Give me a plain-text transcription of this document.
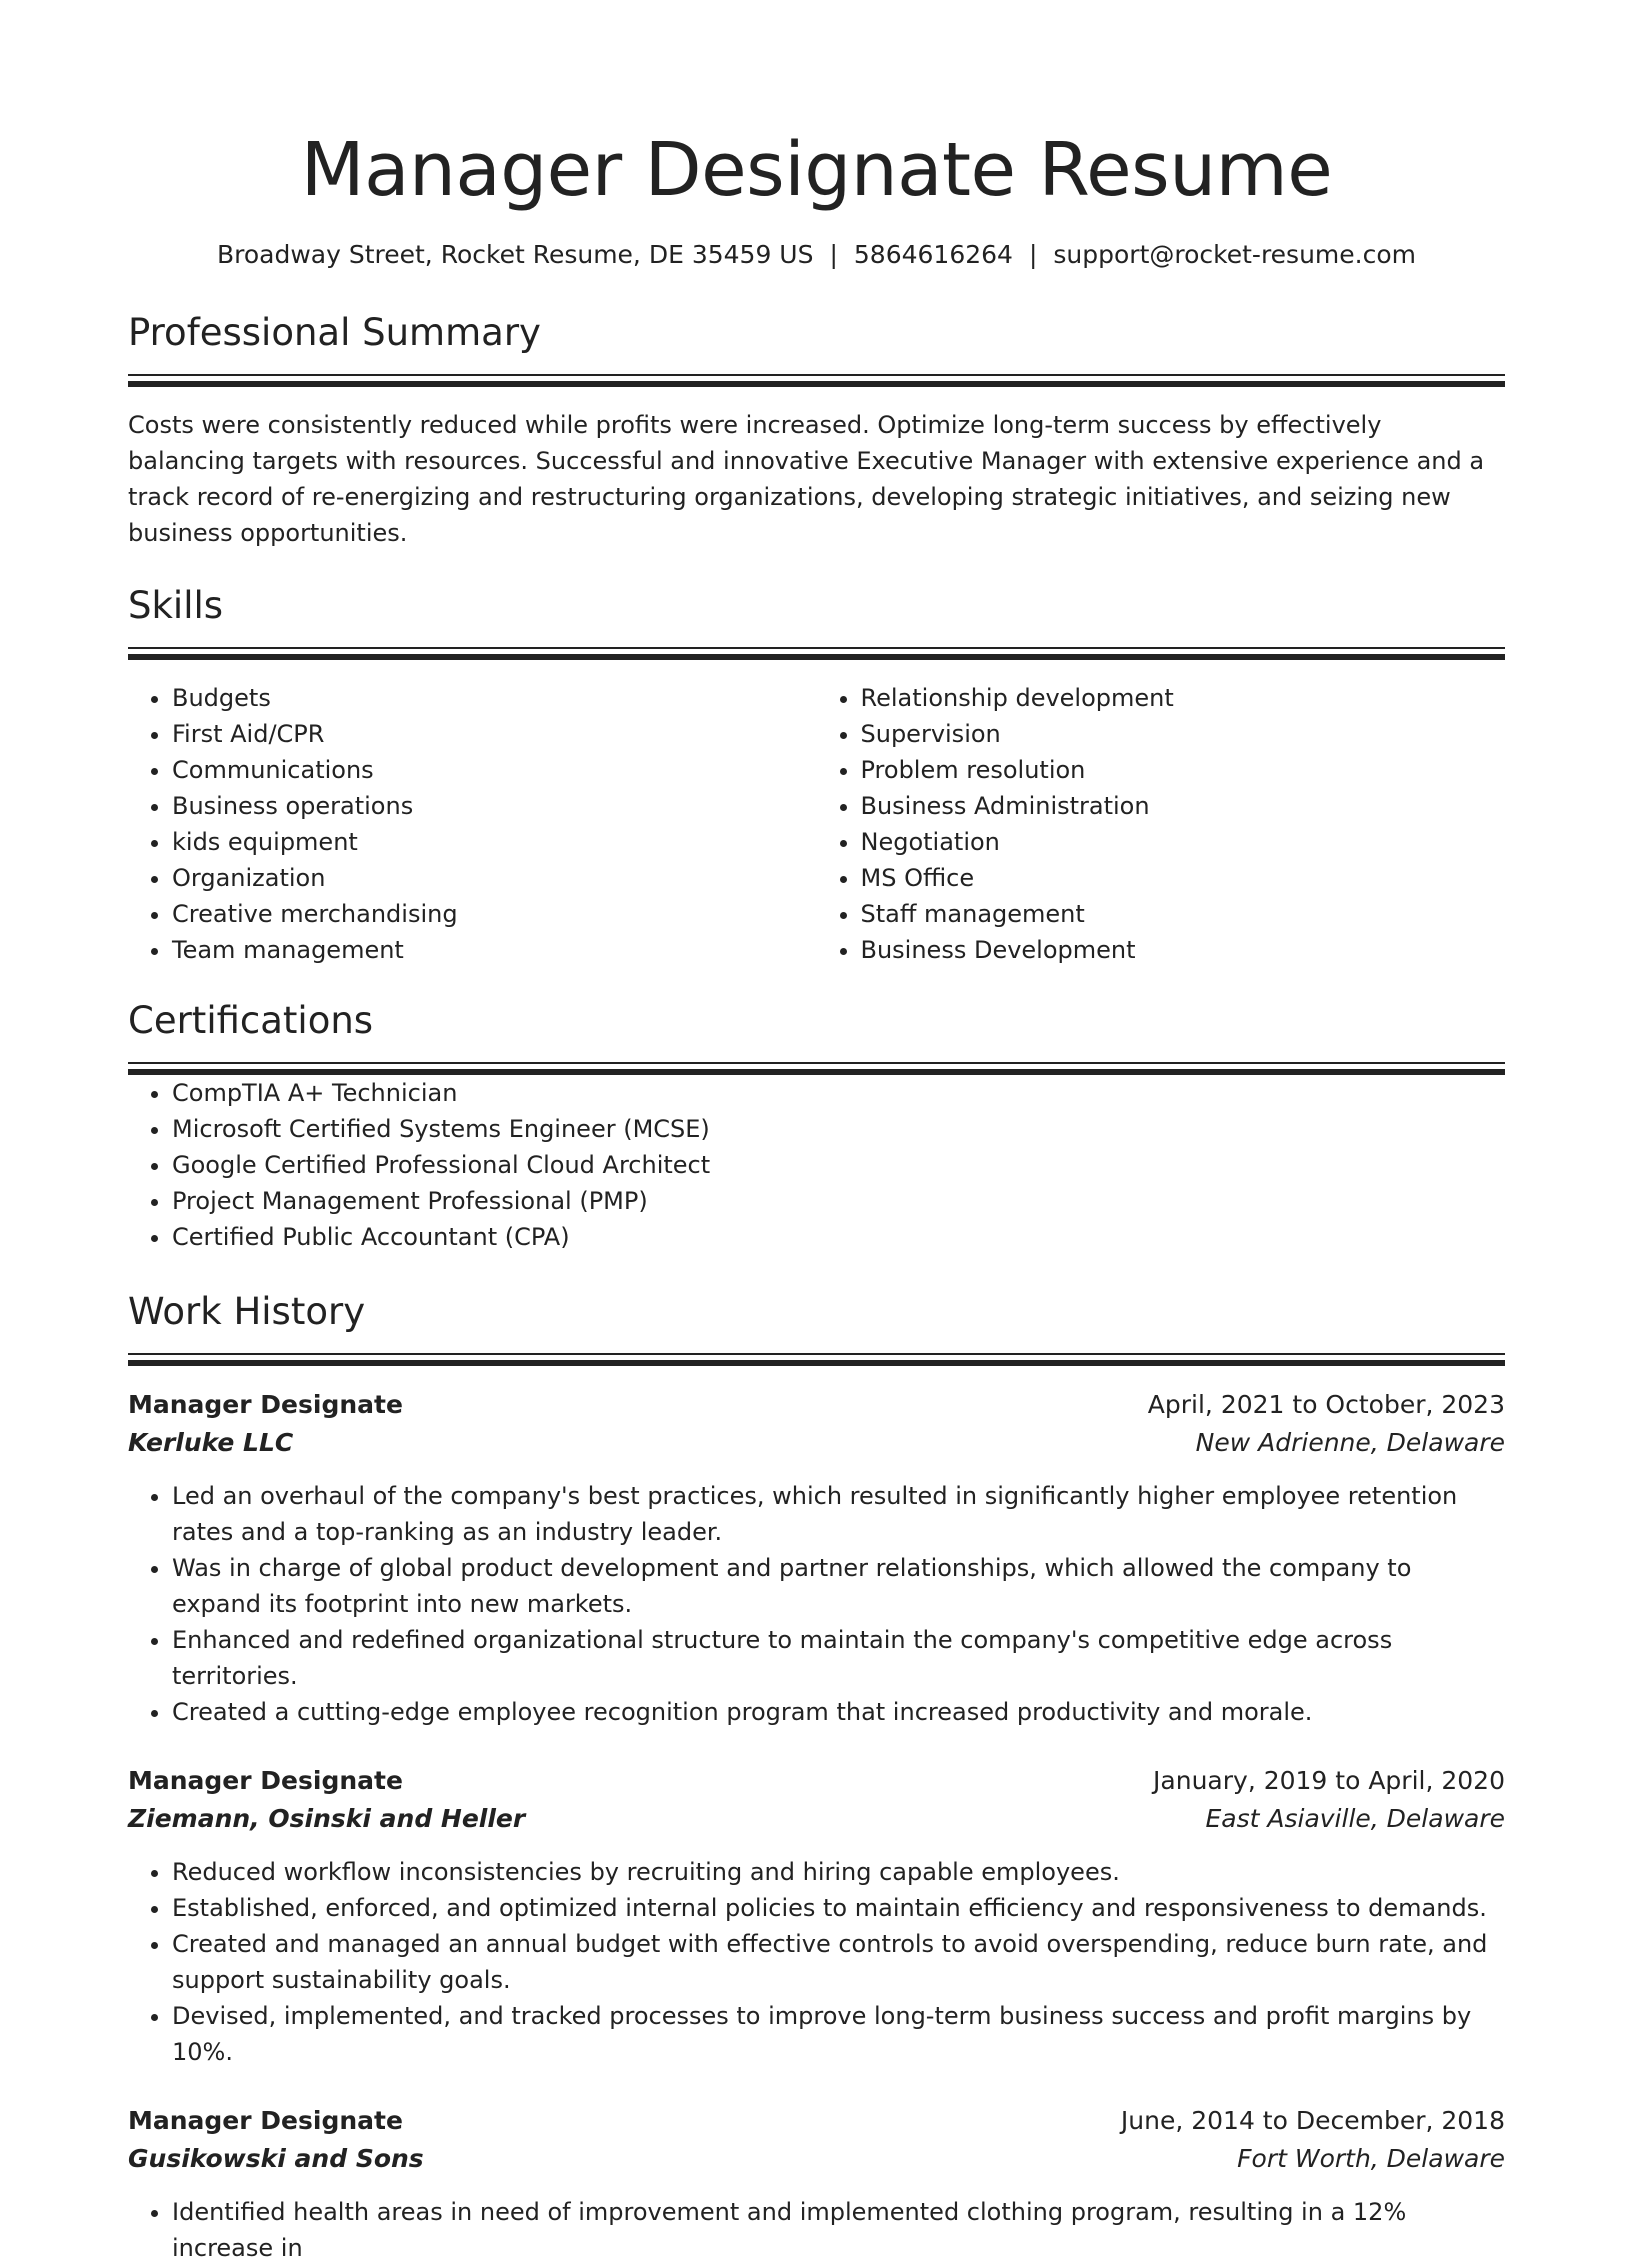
Manager Designate Resume
Broadway Street, Rocket Resume, DE 35459 US | 5864616264 | support@rocket-resume.com
Professional Summary

Costs were consistently reduced while profits were increased. Optimize long-term success by effectively balancing targets with resources. Successful and innovative Executive Manager with extensive experience and a track record of re-energizing and restructuring organizations, developing strategic initiatives, and seizing new business opportunities.

Skills
• Budgets
• First Aid/CPR
• Communications
• Business operations
• kids equipment
• Organization
• Creative merchandising
• Team management
• Relationship development
• Supervision
• Problem resolution
• Business Administration
• Negotiation
• MS Office
• Staff management
• Business Development
Certifications
• CompTIA A+ Technician
• Microsoft Certified Systems Engineer (MCSE)
• Google Certified Professional Cloud Architect
• Project Management Professional (PMP)
• Certified Public Accountant (CPA)
Work History
Manager Designate	April, 2021 to October, 2023
Kerluke LLC	New Adrienne, Delaware
• Led an overhaul of the company's best practices, which resulted in significantly higher employee retention rates and a top-ranking as an industry leader.
• Was in charge of global product development and partner relationships, which allowed the company to expand its footprint into new markets.
• Enhanced and redefined organizational structure to maintain the company's competitive edge across territories.
• Created a cutting-edge employee recognition program that increased productivity and morale.
Manager Designate	January, 2019 to April, 2020
Ziemann, Osinski and Heller	East Asiaville, Delaware
• Reduced workflow inconsistencies by recruiting and hiring capable employees.
• Established, enforced, and optimized internal policies to maintain efficiency and responsiveness to demands.
• Created and managed an annual budget with effective controls to avoid overspending, reduce burn rate, and support sustainability goals.
• Devised, implemented, and tracked processes to improve long-term business success and profit margins by 10%.
Manager Designate	June, 2014 to December, 2018
Gusikowski and Sons	Fort Worth, Delaware
• Identified health areas in need of improvement and implemented clothing program, resulting in a 12% increase in
